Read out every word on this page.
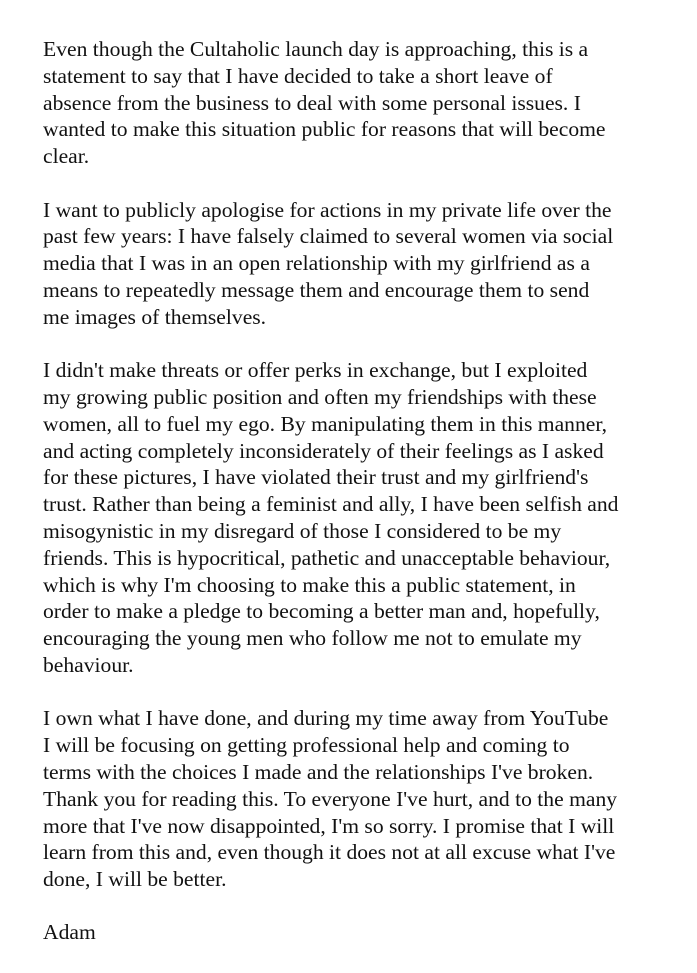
Even though the Cultaholic launch day is approaching, this is a
statement to say that I have decided to take a short leave of
absence from the business to deal with some personal issues. I
wanted to make this situation public for reasons that will become
clear.

I want to publicly apologise for actions in my private life over the
past few years: I have falsely claimed to several women via social
media that I was in an open relationship with my girlfriend as a
means to repeatedly message them and encourage them to send
me images of themselves.

I didn't make threats or offer perks in exchange, but I exploited
my growing public position and often my friendships with these
women, all to fuel my ego. By manipulating them in this manner,
and acting completely inconsiderately of their feelings as I asked
for these pictures, I have violated their trust and my girlfriend's
trust. Rather than being a feminist and ally, I have been selfish and
misogynistic in my disregard of those I considered to be my
friends. This is hypocritical, pathetic and unacceptable behaviour,
which is why I'm choosing to make this a public statement, in
order to make a pledge to becoming a better man and, hopefully,
encouraging the young men who follow me not to emulate my
behaviour.

I own what I have done, and during my time away from YouTube
I will be focusing on getting professional help and coming to
terms with the choices I made and the relationships I've broken.
Thank you for reading this. To everyone I've hurt, and to the many
more that I've now disappointed, I'm so sorry. I promise that I will
learn from this and, even though it does not at all excuse what I've
done, I will be better.

Adam
